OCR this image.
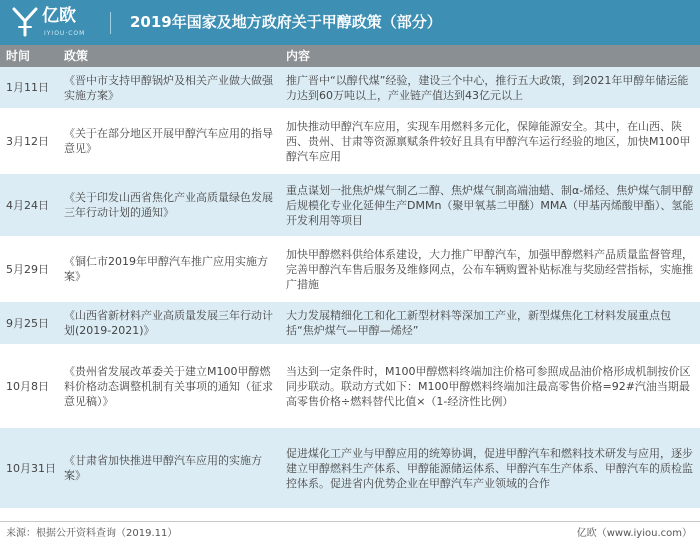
亿欧
IYIOU·COM
2019年国家及地方政府关于甲醇政策（部分）
时间	政策	内容
1月11日	《晋中市支持甲醇锅炉及相关产业做大做强实施方案》	推广晋中“以醇代煤”经验，建设三个中心，推行五大政策，到2021年甲醇年储运能力达到60万吨以上，产业链产值达到43亿元以上
3月12日	《关于在部分地区开展甲醇汽车应用的指导意见》	加快推动甲醇汽车应用，实现车用燃料多元化，保障能源安全。其中，在山西、陕西、贵州、甘肃等资源禀赋条件较好且具有甲醇汽车运行经验的地区，加快M100甲醇汽车应用
4月24日	《关于印发山西省焦化产业高质量绿色发展三年行动计划的通知》	重点谋划一批焦炉煤气制乙二醇、焦炉煤气制高端油蜡、制α-烯烃、焦炉煤气制甲醇后规模化专业化延伸生产DMMn（聚甲氧基二甲醚）MMA（甲基丙烯酸甲酯）、氢能开发利用等项目
5月29日	《铜仁市2019年甲醇汽车推广应用实施方案》	加快甲醇燃料供给体系建设，大力推广甲醇汽车，加强甲醇燃料产品质量监督管理，完善甲醇汽车售后服务及维修网点，公布车辆购置补贴标准与奖励经营指标，实施推广措施
9月25日	《山西省新材料产业高质量发展三年行动计划(2019-2021)》	大力发展精细化工和化工新型材料等深加工产业，新型煤焦化工材料发展重点包括“焦炉煤气—甲醇—烯烃”
10月8日	《贵州省发展改革委关于建立M100甲醇燃料价格动态调整机制有关事项的通知（征求意见稿）》	当达到一定条件时，M100甲醇燃料终端加注价格可参照成品油价格形成机制按价区同步联动。联动方式如下：M100甲醇燃料终端加注最高零售价格=92#汽油当期最高零售价格÷燃料替代比值×（1-经济性比例）
10月31日	《甘肃省加快推进甲醇汽车应用的实施方案》	促进煤化工产业与甲醇应用的统筹协调，促进甲醇汽车和燃料技术研发与应用，逐步建立甲醇燃料生产体系、甲醇能源储运体系、甲醇汽车生产体系、甲醇汽车的质检监控体系。促进省内优势企业在甲醇汽车产业领域的合作
来源：根据公开资料查询（2019.11）	亿欧（www.iyiou.com）
